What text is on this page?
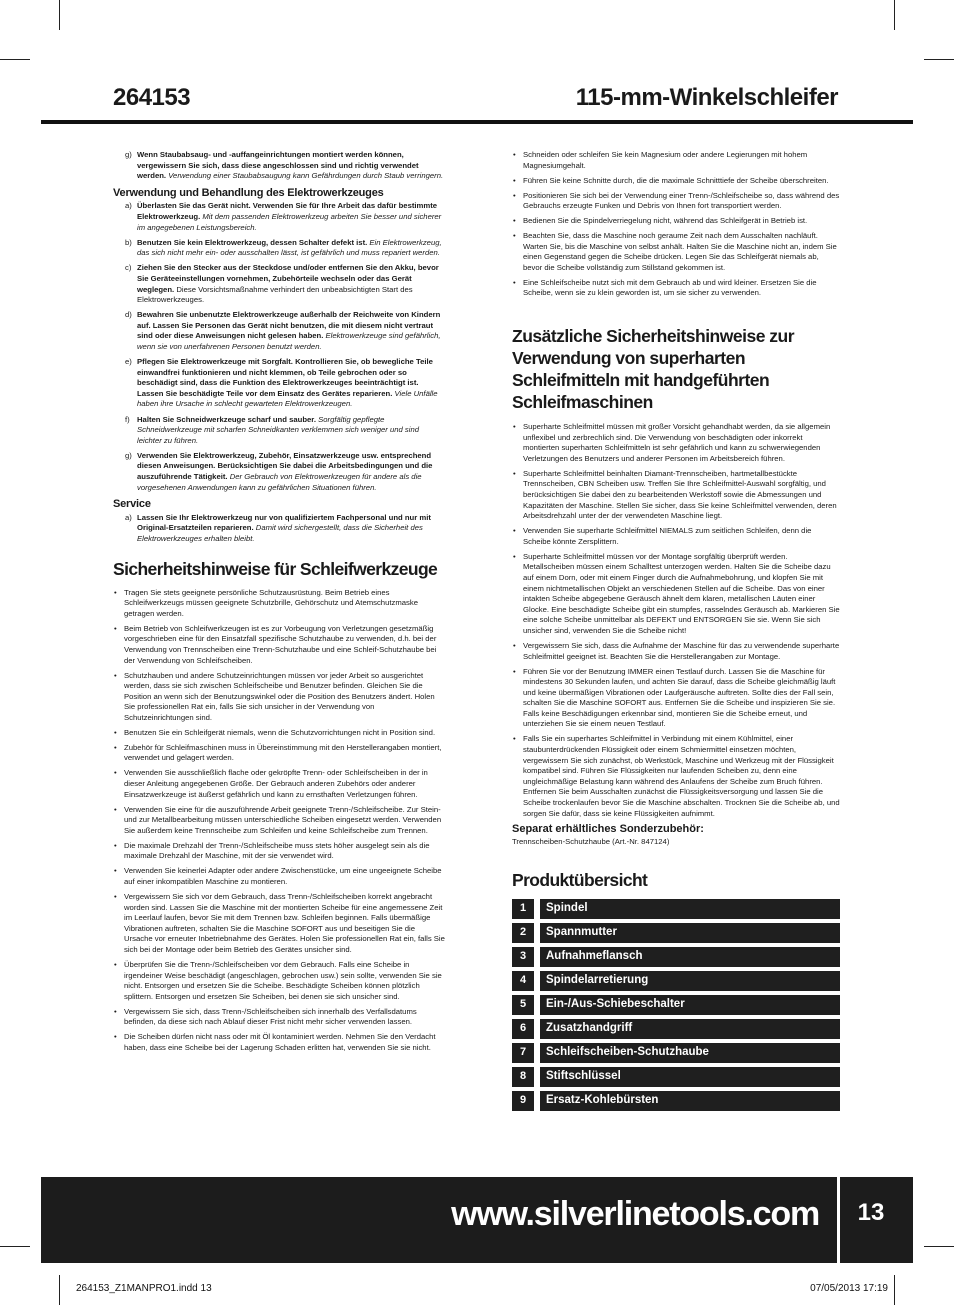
264153	115-mm-Winkelschleifer
g) Wenn Staubabsaug- und -auffangeinrichtungen montiert werden können, vergewissern Sie sich, dass diese angeschlossen sind und richtig verwendet werden. Verwendung einer Staubabsaugung kann Gefährdungen durch Staub verringern.
Verwendung und Behandlung des Elektrowerkzeuges
a) Überlasten Sie das Gerät nicht. Verwenden Sie für Ihre Arbeit das dafür bestimmte Elektrowerkzeug. Mit dem passenden Elektrowerkzeug arbeiten Sie besser und sicherer im angegebenen Leistungsbereich.
b) Benutzen Sie kein Elektrowerkzeug, dessen Schalter defekt ist. Ein Elektrowerkzeug, das sich nicht mehr ein- oder ausschalten lässt, ist gefährlich und muss repariert werden.
c) Ziehen Sie den Stecker aus der Steckdose und/oder entfernen Sie den Akku, bevor Sie Geräteeinstellungen vornehmen, Zubehörteile wechseln oder das Gerät weglegen. Diese Vorsichtsmaßnahme verhindert den unbeabsichtigten Start des Elektrowerkzeuges.
d) Bewahren Sie unbenutzte Elektrowerkzeuge außerhalb der Reichweite von Kindern auf. Lassen Sie Personen das Gerät nicht benutzen, die mit diesem nicht vertraut sind oder diese Anweisungen nicht gelesen haben. Elektrowerkzeuge sind gefährlich, wenn sie von unerfahrenen Personen benutzt werden.
e) Pflegen Sie Elektrowerkzeuge mit Sorgfalt. Kontrollieren Sie, ob bewegliche Teile einwandfrei funktionieren und nicht klemmen, ob Teile gebrochen oder so beschädigt sind, dass die Funktion des Elektrowerkzeuges beeinträchtigt ist. Lassen Sie beschädigte Teile vor dem Einsatz des Gerätes reparieren. Viele Unfälle haben ihre Ursache in schlecht gewarteten Elektrowerkzeugen.
f) Halten Sie Schneidwerkzeuge scharf und sauber. Sorgfältig gepflegte Schneidwerkzeuge mit scharfen Schneidkanten verklemmen sich weniger und sind leichter zu führen.
g) Verwenden Sie Elektrowerkzeug, Zubehör, Einsatzwerkzeuge usw. entsprechend diesen Anweisungen. Berücksichtigen Sie dabei die Arbeitsbedingungen und die auszuführende Tätigkeit. Der Gebrauch von Elektrowerkzeugen für andere als die vorgesehenen Anwendungen kann zu gefährlichen Situationen führen.
Service
a) Lassen Sie Ihr Elektrowerkzeug nur von qualifiziertem Fachpersonal und nur mit Original-Ersatzteilen reparieren. Damit wird sichergestellt, dass die Sicherheit des Elektrowerkzeuges erhalten bleibt.
Sicherheitshinweise für Schleifwerkzeuge
• Tragen Sie stets geeignete persönliche Schutzausrüstung. Beim Betrieb eines Schleifwerkzeugs müssen geeignete Schutzbrille, Gehörschutz und Atemschutzmaske getragen werden.
• Beim Betrieb von Schleifwerkzeugen ist es zur Vorbeugung von Verletzungen gesetzmäßig vorgeschrieben eine für den Einsatzfall spezifische Schutzhaube zu verwenden, d.h. bei der Verwendung von Trennscheiben eine Trenn-Schutzhaube und eine Schleif-Schutzhaube bei der Verwendung von Schleifscheiben.
• Schutzhauben und andere Schutzeinrichtungen müssen vor jeder Arbeit so ausgerichtet werden, dass sie sich zwischen Schleifscheibe und Benutzer befinden. Gleichen Sie die Position an wenn sich der Benutzungswinkel oder die Position des Benutzers ändert. Holen Sie professionellen Rat ein, falls Sie sich unsicher in der Verwendung von Schutzeinrichtungen sind.
• Benutzen Sie ein Schleifgerät niemals, wenn die Schutzvorrichtungen nicht in Position sind.
• Zubehör für Schleifmaschinen muss in Übereinstimmung mit den Herstellerangaben montiert, verwendet und gelagert werden.
• Verwenden Sie ausschließlich flache oder gekröpfte Trenn- oder Schleifscheiben in der in dieser Anleitung angegebenen Größe. Der Gebrauch anderen Zubehörs oder anderer Einsatzwerkzeuge ist äußerst gefährlich und kann zu ernsthaften Verletzungen führen.
• Verwenden Sie eine für die auszuführende Arbeit geeignete Trenn-/Schleifscheibe. Zur Stein- und zur Metallbearbeitung müssen unterschiedliche Scheiben eingesetzt werden. Verwenden Sie außerdem keine Trennscheibe zum Schleifen und keine Schleifscheibe zum Trennen.
• Die maximale Drehzahl der Trenn-/Schleifscheibe muss stets höher ausgelegt sein als die maximale Drehzahl der Maschine, mit der sie verwendet wird.
• Verwenden Sie keinerlei Adapter oder andere Zwischenstücke, um eine ungeeignete Scheibe auf einer inkompatiblen Maschine zu montieren.
• Vergewissern Sie sich vor dem Gebrauch, dass Trenn-/Schleifscheiben korrekt angebracht worden sind. Lassen Sie die Maschine mit der montierten Scheibe für eine angemessene Zeit im Leerlauf laufen, bevor Sie mit dem Trennen bzw. Schleifen beginnen. Falls übermäßige Vibrationen auftreten, schalten Sie die Maschine SOFORT aus und beseitigen Sie die Ursache vor erneuter Inbetriebnahme des Gerätes. Holen Sie professionellen Rat ein, falls Sie sich bei der Montage oder beim Betrieb des Gerätes unsicher sind.
• Überprüfen Sie die Trenn-/Schleifscheiben vor dem Gebrauch. Falls eine Scheibe in irgendeiner Weise beschädigt (angeschlagen, gebrochen usw.) sein sollte, verwenden Sie sie nicht. Entsorgen und ersetzen Sie die Scheibe. Beschädigte Scheiben können plötzlich splittern. Entsorgen und ersetzen Sie Scheiben, bei denen sie sich unsicher sind.
• Vergewissern Sie sich, dass Trenn-/Schleifscheiben sich innerhalb des Verfallsdatums befinden, da diese sich nach Ablauf dieser Frist nicht mehr sicher verwenden lassen.
• Die Scheiben dürfen nicht nass oder mit Öl kontaminiert werden. Nehmen Sie den Verdacht haben, dass eine Scheibe bei der Lagerung Schaden erlitten hat, verwenden Sie sie nicht.
• Schneiden oder schleifen Sie kein Magnesium oder andere Legierungen mit hohem Magnesiumgehalt.
• Führen Sie keine Schnitte durch, die die maximale Schnitttiefe der Scheibe überschreiten.
• Positionieren Sie sich bei der Verwendung einer Trenn-/Schleifscheibe so, dass während des Gebrauchs erzeugte Funken und Debris von Ihnen fort transportiert werden.
• Bedienen Sie die Spindelverriegelung nicht, während das Schleifgerät in Betrieb ist.
• Beachten Sie, dass die Maschine noch geraume Zeit nach dem Ausschalten nachläuft. Warten Sie, bis die Maschine von selbst anhält. Halten Sie die Maschine nicht an, indem Sie einen Gegenstand gegen die Scheibe drücken. Legen Sie das Schleifgerät niemals ab, bevor die Scheibe vollständig zum Stillstand gekommen ist.
• Eine Schleifscheibe nutzt sich mit dem Gebrauch ab und wird kleiner. Ersetzen Sie die Scheibe, wenn sie zu klein geworden ist, um sie sicher zu verwenden.
Zusätzliche Sicherheitshinweise zur Verwendung von superharten Schleifmitteln mit handgeführten Schleifmaschinen
• Superharte Schleifmittel müssen mit großer Vorsicht gehandhabt werden, da sie allgemein unflexibel und zerbrechlich sind. Die Verwendung von beschädigten oder inkorrekt montierten superharten Schleifmitteln ist sehr gefährlich und kann zu schwerwiegenden Verletzungen des Benutzers und anderer Personen im Arbeitsbereich führen.
• Superharte Schleifmittel beinhalten Diamant-Trennscheiben, hartmetallbestückte Trennscheiben, CBN Scheiben usw. Treffen Sie Ihre Schleifmittel-Auswahl sorgfältig, und berücksichtigen Sie dabei den zu bearbeitenden Werkstoff sowie die Abmessungen und Kapazitäten der Maschine. Stellen Sie sicher, dass Sie keine Schleifmittel verwenden, deren Arbeitsdrehzahl unter der der verwendeten Maschine liegt.
• Verwenden Sie superharte Schleifmittel NIEMALS zum seitlichen Schleifen, denn die Scheibe könnte Zersplittern.
• Superharte Schleifmittel müssen vor der Montage sorgfältig überprüft werden. Metallscheiben müssen einem Schalltest unterzogen werden. Halten Sie die Scheibe dazu auf einem Dorn, oder mit einem Finger durch die Aufnahmebohrung, und klopfen Sie mit einem nichtmetallischen Objekt an verschiedenen Stellen auf die Scheibe. Das von einer intakten Scheibe abgegebene Geräusch ähnelt dem klaren, metallischen Läuten einer Glocke. Eine beschädigte Scheibe gibt ein stumpfes, rasselndes Geräusch ab. Markieren Sie eine solche Scheibe unmittelbar als DEFEKT und ENTSORGEN Sie sie. Wenn Sie sich unsicher sind, verwenden Sie die Scheibe nicht!
• Vergewissern Sie sich, dass die Aufnahme der Maschine für das zu verwendende superharte Schleifmittel geeignet ist. Beachten Sie die Herstellerangaben zur Montage.
• Führen Sie vor der Benutzung IMMER einen Testlauf durch. Lassen Sie die Maschine für mindestens 30 Sekunden laufen, und achten Sie darauf, dass die Scheibe gleichmäßig läuft und keine übermäßigen Vibrationen oder Laufgeräusche auftreten. Sollte dies der Fall sein, schalten Sie die Maschine SOFORT aus. Entfernen Sie die Scheibe und inspizieren Sie sie. Falls keine Beschädigungen erkennbar sind, montieren Sie die Scheibe erneut, und unterziehen Sie sie einem neuen Testlauf.
• Falls Sie ein superhartes Schleifmittel in Verbindung mit einem Kühlmittel, einer staubunterdrückenden Flüssigkeit oder einem Schmiermittel einsetzen möchten, vergewissern Sie sich zunächst, ob Werkstück, Maschine und Werkzeug mit der Flüssigkeit kompatibel sind. Führen Sie Flüssigkeiten nur laufenden Scheiben zu, denn eine ungleichmäßige Belastung kann während des Anlaufens der Scheibe zum Bruch führen. Entfernen Sie beim Ausschalten zunächst die Flüssigkeitsversorgung und lassen Sie die Scheibe trockenlaufen bevor Sie die Maschine abschalten. Trocknen Sie die Scheibe ab, und sorgen Sie dafür, dass sie keine Flüssigkeiten aufnimmt.
Separat erhältliches Sonderzubehör:
Trennscheiben-Schutzhaube (Art.-Nr. 847124)
Produktübersicht
1	Spindel
2	Spannmutter
3	Aufnahmeflansch
4	Spindelarretierung
5	Ein-/Aus-Schiebeschalter
6	Zusatzhandgriff
7	Schleifscheiben-Schutzhaube
8	Stiftschlüssel
9	Ersatz-Kohlebürsten
www.silverlinetools.com	13
264153_Z1MANPRO1.indd 13	07/05/2013 17:19
